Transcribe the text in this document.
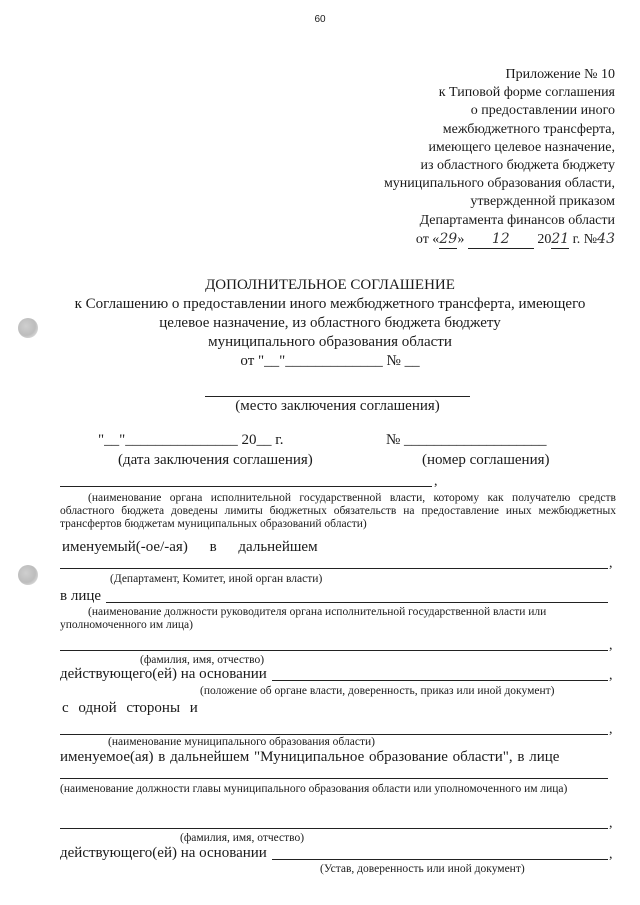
60
Приложение № 10
к Типовой форме соглашения
о предоставлении иного
межбюджетного трансферта,
имеющего целевое назначение,
из областного бюджета бюджету
муниципального образования области,
утвержденной приказом
Департамента финансов области
от «29» 12 2021 г. №43
ДОПОЛНИТЕЛЬНОЕ СОГЛАШЕНИЕ
к Соглашению о предоставлении иного межбюджетного трансферта, имеющего
целевое назначение, из областного бюджета бюджету
муниципального образования области
от "__"_____________ № __
(место заключения соглашения)
"__"_______________ 20__ г.	№ ___________________
(дата заключения соглашения)	(номер соглашения)
,
(наименование органа исполнительной государственной власти, которому как получателю средств областного бюджета доведены лимиты бюджетных обязательств на предоставление иных межбюджетных трансфертов бюджетам муниципальных образований области)
именуемый(-ое/-ая) в дальнейшем
,
(Департамент, Комитет, иной орган власти)
в лице
(наименование должности руководителя органа исполнительной государственной власти или уполномоченного им лица)
,
(фамилия, имя, отчество)
действующего(ей) на основании	,
(положение об органе власти, доверенность, приказ или иной документ)
с одной стороны и
,
(наименование муниципального образования области)
именуемое(ая) в дальнейшем "Муниципальное образование области", в лице
(наименование должности главы муниципального образования области или уполномоченного им лица)
,
(фамилия, имя, отчество)
действующего(ей) на основании	,
(Устав, доверенность или иной документ)
